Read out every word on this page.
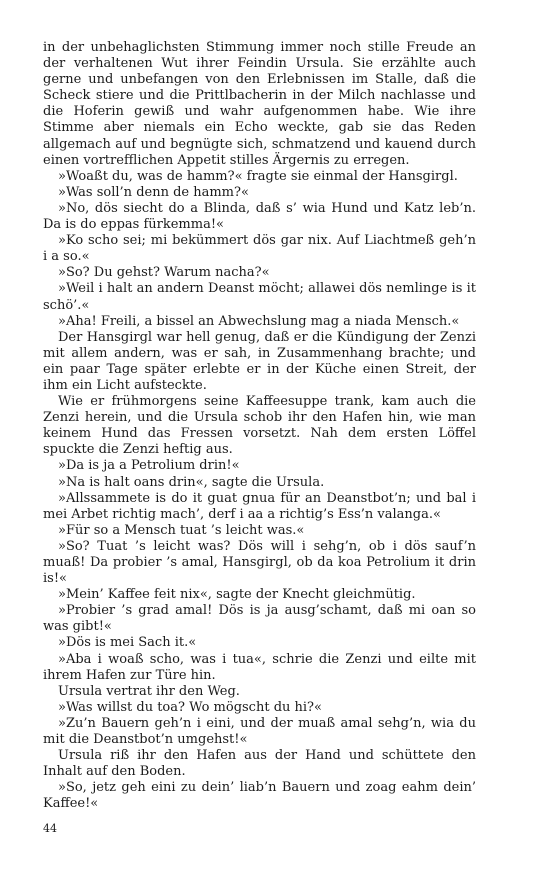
in der unbehaglichsten Stimmung immer noch stille Freude an der verhaltenen Wut ihrer Feindin Ursula. Sie erzählte auch gerne und unbefangen von den Erlebnissen im Stalle, daß die Scheck stiere und die Prittlbacherin in der Milch nachlasse und die Hoferin gewiß und wahr aufgenommen habe. Wie ihre Stimme aber niemals ein Echo weckte, gab sie das Reden allgemach auf und begnügte sich, schmatzend und kauend durch einen vortrefflichen Appetit stilles Ärgernis zu erregen.

»Woaßt du, was de hamm?« fragte sie einmal der Hansgirgl.

»Was soll’n denn de hamm?«

»No, dös siecht do a Blinda, daß s’ wia Hund und Katz leb’n. Da is do eppas fürkemma!«

»Ko scho sei; mi bekümmert dös gar nix. Auf Liachtmeß geh’n i a so.«

»So? Du gehst? Warum nacha?«

»Weil i halt an andern Deanst möcht; allawei dös nemlinge is it schö’.«

»Aha! Freili, a bissel an Abwechslung mag a niada Mensch.«

Der Hansgirgl war hell genug, daß er die Kündigung der Zenzi mit allem andern, was er sah, in Zusammenhang brachte; und ein paar Tage später erlebte er in der Küche einen Streit, der ihm ein Licht aufsteckte.

Wie er frühmorgens seine Kaffeesuppe trank, kam auch die Zenzi herein, und die Ursula schob ihr den Hafen hin, wie man keinem Hund das Fressen vorsetzt. Nah dem ersten Löffel spuckte die Zenzi heftig aus.

»Da is ja a Petrolium drin!«

»Na is halt oans drin«, sagte die Ursula.

»Allssammete is do it guat gnua für an Deanstbot’n; und bal i mei Arbet richtig mach’, derf i aa a richtig’s Ess’n valanga.«

»Für so a Mensch tuat ’s leicht was.«

»So? Tuat ’s leicht was? Dös will i sehg’n, ob i dös sauf’n muaß! Da probier ’s amal, Hansgirgl, ob da koa Petrolium it drin is!«

»Mein’ Kaffee feit nix«, sagte der Knecht gleichmütig.

»Probier ’s grad amal! Dös is ja ausg’schamt, daß mi oan so was gibt!«

»Dös is mei Sach it.«

»Aba i woaß scho, was i tua«, schrie die Zenzi und eilte mit ihrem Hafen zur Türe hin.

Ursula vertrat ihr den Weg.

»Was willst du toa? Wo mögscht du hi?«

»Zu’n Bauern geh’n i eini, und der muaß amal sehg’n, wia du mit die Deanstbot’n umgehst!«

Ursula riß ihr den Hafen aus der Hand und schüttete den Inhalt auf den Boden.

»So, jetz geh eini zu dein’ liab’n Bauern und zoag eahm dein’ Kaffee!«

44
